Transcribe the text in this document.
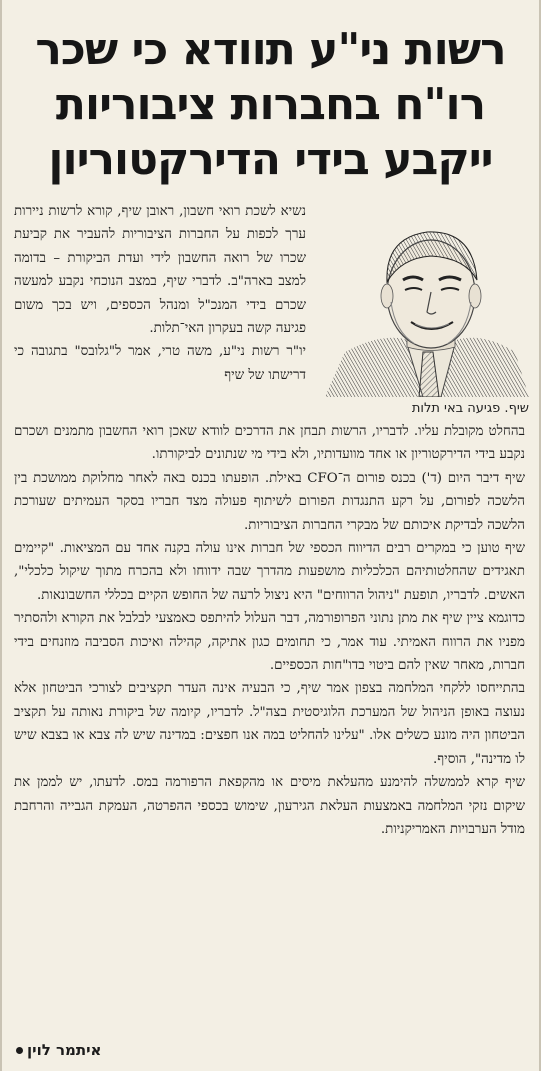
רשות ני"ע תוודא כי שכר
רו"ח בחברות ציבוריות
ייקבע בידי הדירקטוריון
שיף. פגיעה באי תלות

נשיא לשכת רואי חשבון, ראובן שיף, קורא לרשות ניירות ערך לכפות על החברות הציבוריות להעביר את קביעת שכרו של רואה החשבון לידי ועדת הביקורת – בדומה למצב בארה"ב. לדברי שיף, במצב הנוכחי נקבע למעשה שכרם בידי המנכ"ל ומנהל הכספים, ויש בכך משום פגיעה קשה בעקרון האי־תלות.

יו"ר רשות ני"ע, משה טרי, אמר ל"גלובס" בתגובה כי דרישתו של שיף

בהחלט מקובלת עליו. לדבריו, הרשות תבחן את הדרכים לוודא שאכן רואי החשבון מתמנים ושכרם נקבע בידי הדירקטוריון או אחד מוועדותיו, ולא בידי מי שנתונים לביקורתו.

שיף דיבר היום (ד') בכנס פורום ה־CFO באילת. הופעתו בכנס באה לאחר מחלוקת ממושכת בין הלשכה לפורום, על רקע התנגדות הפורום לשיתוף פעולה מצד חבריו בסקר העמיתים שעורכת הלשכה לבדיקת איכותם של מבקרי החברות הציבוריות.

שיף טוען כי במקרים רבים הדיווח הכספי של חברות אינו עולה בקנה אחד עם המציאות. "קיימים תאגידים שהחלטותיהם הכלכליות מושפעות מהדרך שבה ידווחו ולא בהכרח מתוך שיקול כלכלי", האשים. לדבריו, תופעת "ניהול הרווחים" היא ניצול לרעה של החופש הקיים בכללי החשבונאות.

כדוגמא ציין שיף את מתן נתוני הפרופורמה, דבר העלול להיתפס כאמצעי לבלבל את הקורא ולהסתיר מפניו את הרווח האמיתי. עוד אמר, כי תחומים כגון אתיקה, קהילה ואיכות הסביבה מוזנחים בידי חברות, מאחר שאין להם ביטוי בדו"חות הכספיים.

בהתייחסו ללקחי המלחמה בצפון אמר שיף, כי הבעיה אינה העדר תקציבים לצורכי הביטחון אלא נעוצה באופן הניהול של המערכת הלוגיסטית בצה"ל. לדבריו, קיומה של ביקורת נאותה על תקציב הביטחון היה מונע כשלים אלו. "עלינו להחליט במה אנו חפצים: במדינה שיש לה צבא או בצבא שיש לו מדינה", הוסיף.

שיף קרא לממשלה להימנע מהעלאת מיסים או מהקפאת הרפורמה במס. לדעתו, יש לממן את שיקום נזקי המלחמה באמצעות העלאת הגירעון, שימוש בכספי ההפרטה, העמקת הגבייה והרחבת מודל הערבויות האמריקניות.

איתמר לוין
